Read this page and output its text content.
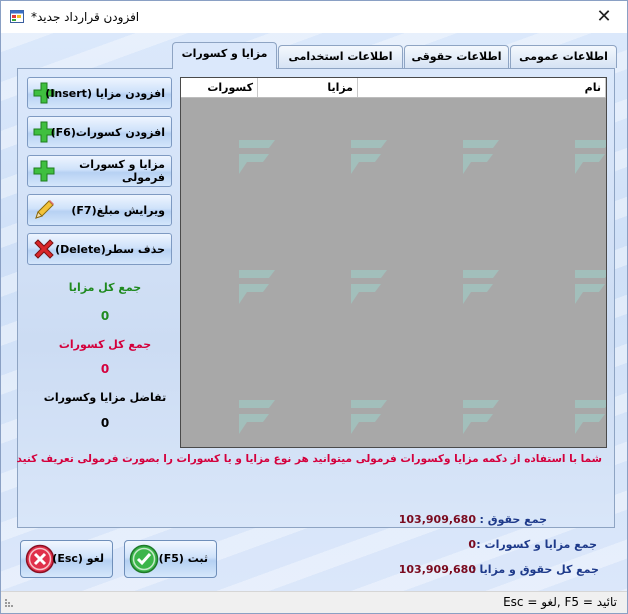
افزودن قرارداد جدید*	✕
اطلاعات عمومی
اطلاعات حقوقی
اطلاعات استخدامی
مزایا و کسورات
افزودن مزایا (Insert)
افزودن کسورات(F6)
مزایا و کسورات فرمولی
ویرایش مبلغ(F7)
حذف سطر(Delete)
جمع کل مزایا
0
جمع کل کسورات
0
تفاضل مزایا وکسورات
0
نام
مزایا
کسورات
شما با استفاده از دکمه مزایا وکسورات فرمولی میتوانید هر نوع مزایا و یا کسورات را بصورت فرمولی تعریف کنید
جمع حقوق :
103,909,680
جمع مزایا و کسورات :
0
جمع کل حقوق و مزایا :
103,909,680
ثبت (F5)
لغو (Esc)
تائید = F5 ,لغو = Esc
